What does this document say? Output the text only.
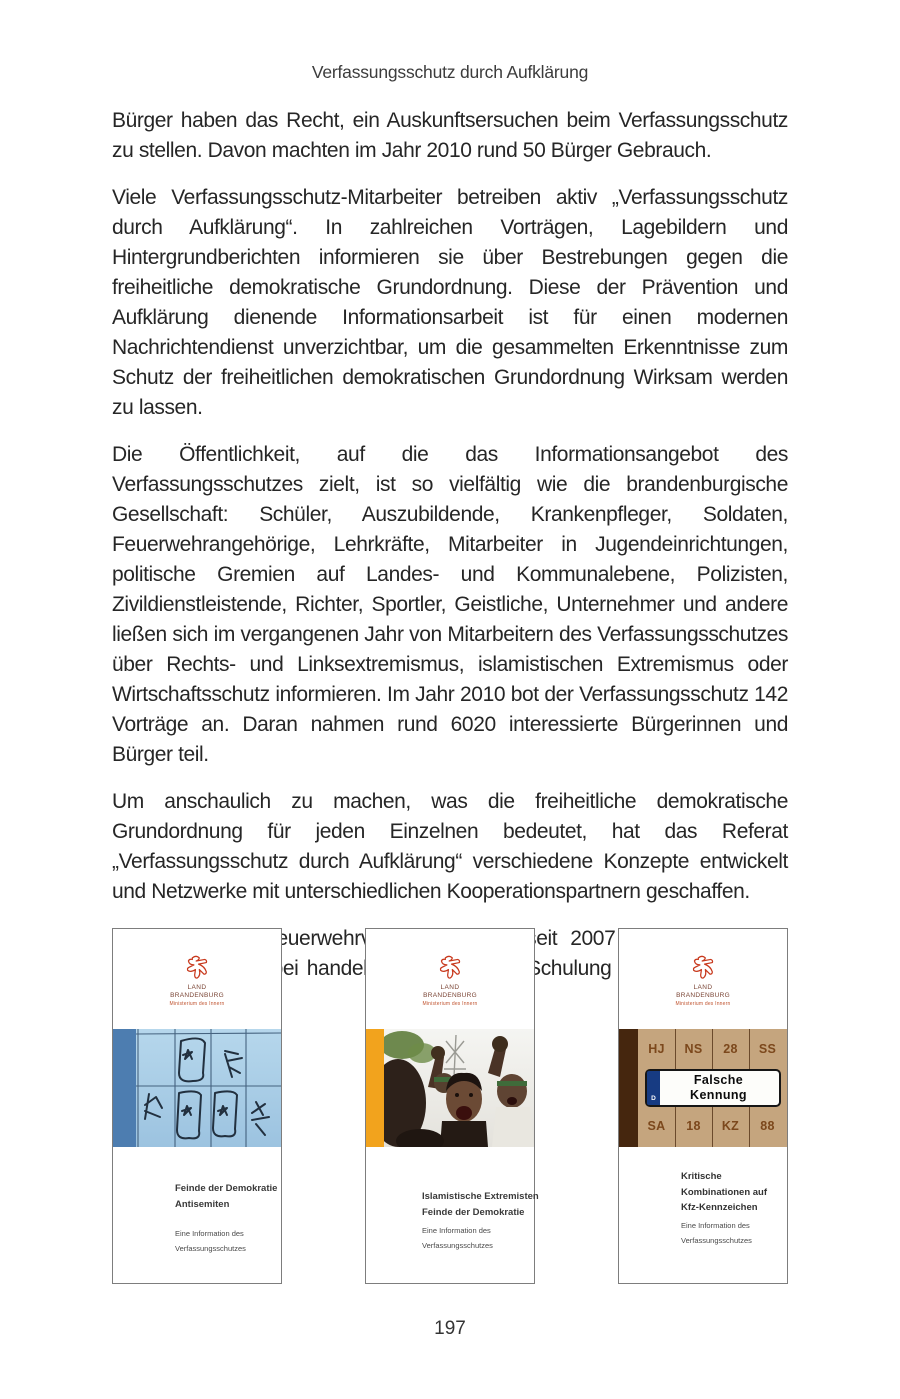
Verfassungsschutz durch Aufklärung

Bürger haben das Recht, ein Auskunftsersuchen beim Verfassungsschutz zu stellen. Davon machten im Jahr 2010 rund 50 Bürger Gebrauch.

Viele Verfassungsschutz-Mitarbeiter betreiben aktiv „Verfassungsschutz durch Aufklärung“. In zahlreichen Vorträgen, Lagebildern und Hintergrundberichten informieren sie über Bestrebungen gegen die freiheitliche demokratische Grundordnung. Diese der Prävention und Aufklärung dienende Informationsarbeit ist für einen modernen Nachrichtendienst unverzichtbar, um die gesammelten Erkenntnisse zum Schutz der freiheitlichen demokratischen Grundordnung Wirksam werden zu lassen.

Die Öffentlichkeit, auf die das Informationsangebot des Verfassungsschutzes zielt, ist so vielfältig wie die brandenburgische Gesellschaft: Schüler, Auszubildende, Krankenpfleger, Soldaten, Feuerwehrangehörige, Lehrkräfte, Mitarbeiter in Jugendeinrichtungen, politische Gremien auf Landes- und Kommunalebene, Polizisten, Zivildienstleistende, Richter, Sportler, Geistliche, Unternehmer und andere ließen sich im vergangenen Jahr von Mitarbeitern des Verfassungsschutzes über Rechts- und Linksextremismus, islamistischen Extremismus oder Wirtschaftsschutz informieren. Im Jahr 2010 bot der Verfassungsschutz 142 Vorträge an. Daran nahmen rund 6020 interessierte Bürgerinnen und Bürger teil.

Um anschaulich zu machen, was die freiheitliche demokratische Grundordnung für jeden Einzelnen bedeutet, hat das Referat „Verfassungsschutz durch Aufklärung“ verschiedene Konzepte entwickelt und Netzwerke mit unterschiedlichen Kooperationspartnern geschaffen.

Landesfeuerwehrverband seit 2007 handelt Schulung

LAND
BRANDENBURG
Ministerium des Innern
Feinde der Demokratie
Antisemiten
Eine Information des
Verfassungsschutzes
LAND
BRANDENBURG
Ministerium des Innern
Islamistische Extremisten
Feinde der Demokratie
Eine Information des
Verfassungsschutzes
LAND
BRANDENBURG
Ministerium des Innern
HJ	NS	28	SS
SA	18	KZ	88
D
Falsche
Kennung
Kritische
Kombinationen auf
Kfz-Kennzeichen
Eine Information des
Verfassungsschutzes
197
